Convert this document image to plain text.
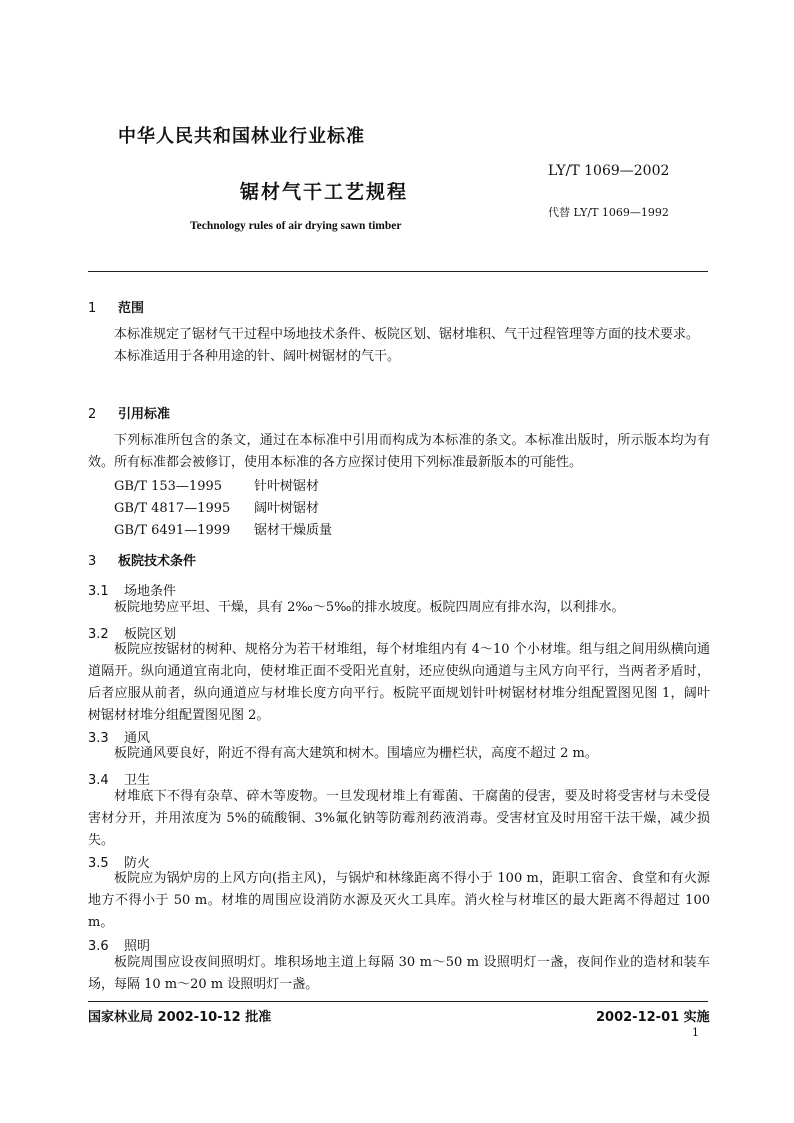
中华人民共和国林业行业标准
LY/T 1069—2002
锯材气干工艺规程
代替 LY/T 1069—1992
Technology rules of air drying sawn timber
1 范围

本标准规定了锯材气干过程中场地技术条件、板院区划、锯材堆积、气干过程管理等方面的技术要求。

本标准适用于各种用途的针、阔叶树锯材的气干。

2 引用标准

下列标准所包含的条文，通过在本标准中引用而构成为本标准的条文。本标准出版时，所示版本均为有效。所有标准都会被修订，使用本标准的各方应探讨使用下列标准最新版本的可能性。

GB/T 153—1995 针叶树锯材
GB/T 4817—1995 阔叶树锯材
GB/T 6491—1999 锯材干燥质量
3 板院技术条件
3.1 场地条件

板院地势应平坦、干燥，具有 2‰～5‰的排水坡度。板院四周应有排水沟，以利排水。

3.2 板院区划

板院应按锯材的树种、规格分为若干材堆组，每个材堆组内有 4～10 个小材堆。组与组之间用纵横向通道隔开。纵向通道宜南北向，使材堆正面不受阳光直射，还应使纵向通道与主风方向平行，当两者矛盾时，后者应服从前者，纵向通道应与材堆长度方向平行。板院平面规划针叶树锯材材堆分组配置图见图 1，阔叶树锯材材堆分组配置图见图 2。

3.3 通风

板院通风要良好，附近不得有高大建筑和树木。围墙应为栅栏状，高度不超过 2 m。

3.4 卫生

材堆底下不得有杂草、碎木等废物。一旦发现材堆上有霉菌、干腐菌的侵害，要及时将受害材与未受侵害材分开，并用浓度为 5%的硫酸铜、3%氟化钠等防霉剂药液消毒。受害材宜及时用窑干法干燥，减少损失。

3.5 防火

板院应为锅炉房的上风方向(指主风)，与锅炉和林缘距离不得小于 100 m，距职工宿舍、食堂和有火源地方不得小于 50 m。材堆的周围应设消防水源及灭火工具库。消火栓与材堆区的最大距离不得超过 100 m。

3.6 照明

板院周围应设夜间照明灯。堆积场地主道上每隔 30 m～50 m 设照明灯一盏，夜间作业的造材和装车场，每隔 10 m～20 m 设照明灯一盏。

国家林业局 2002-10-12 批准	2002-12-01 实施
1
